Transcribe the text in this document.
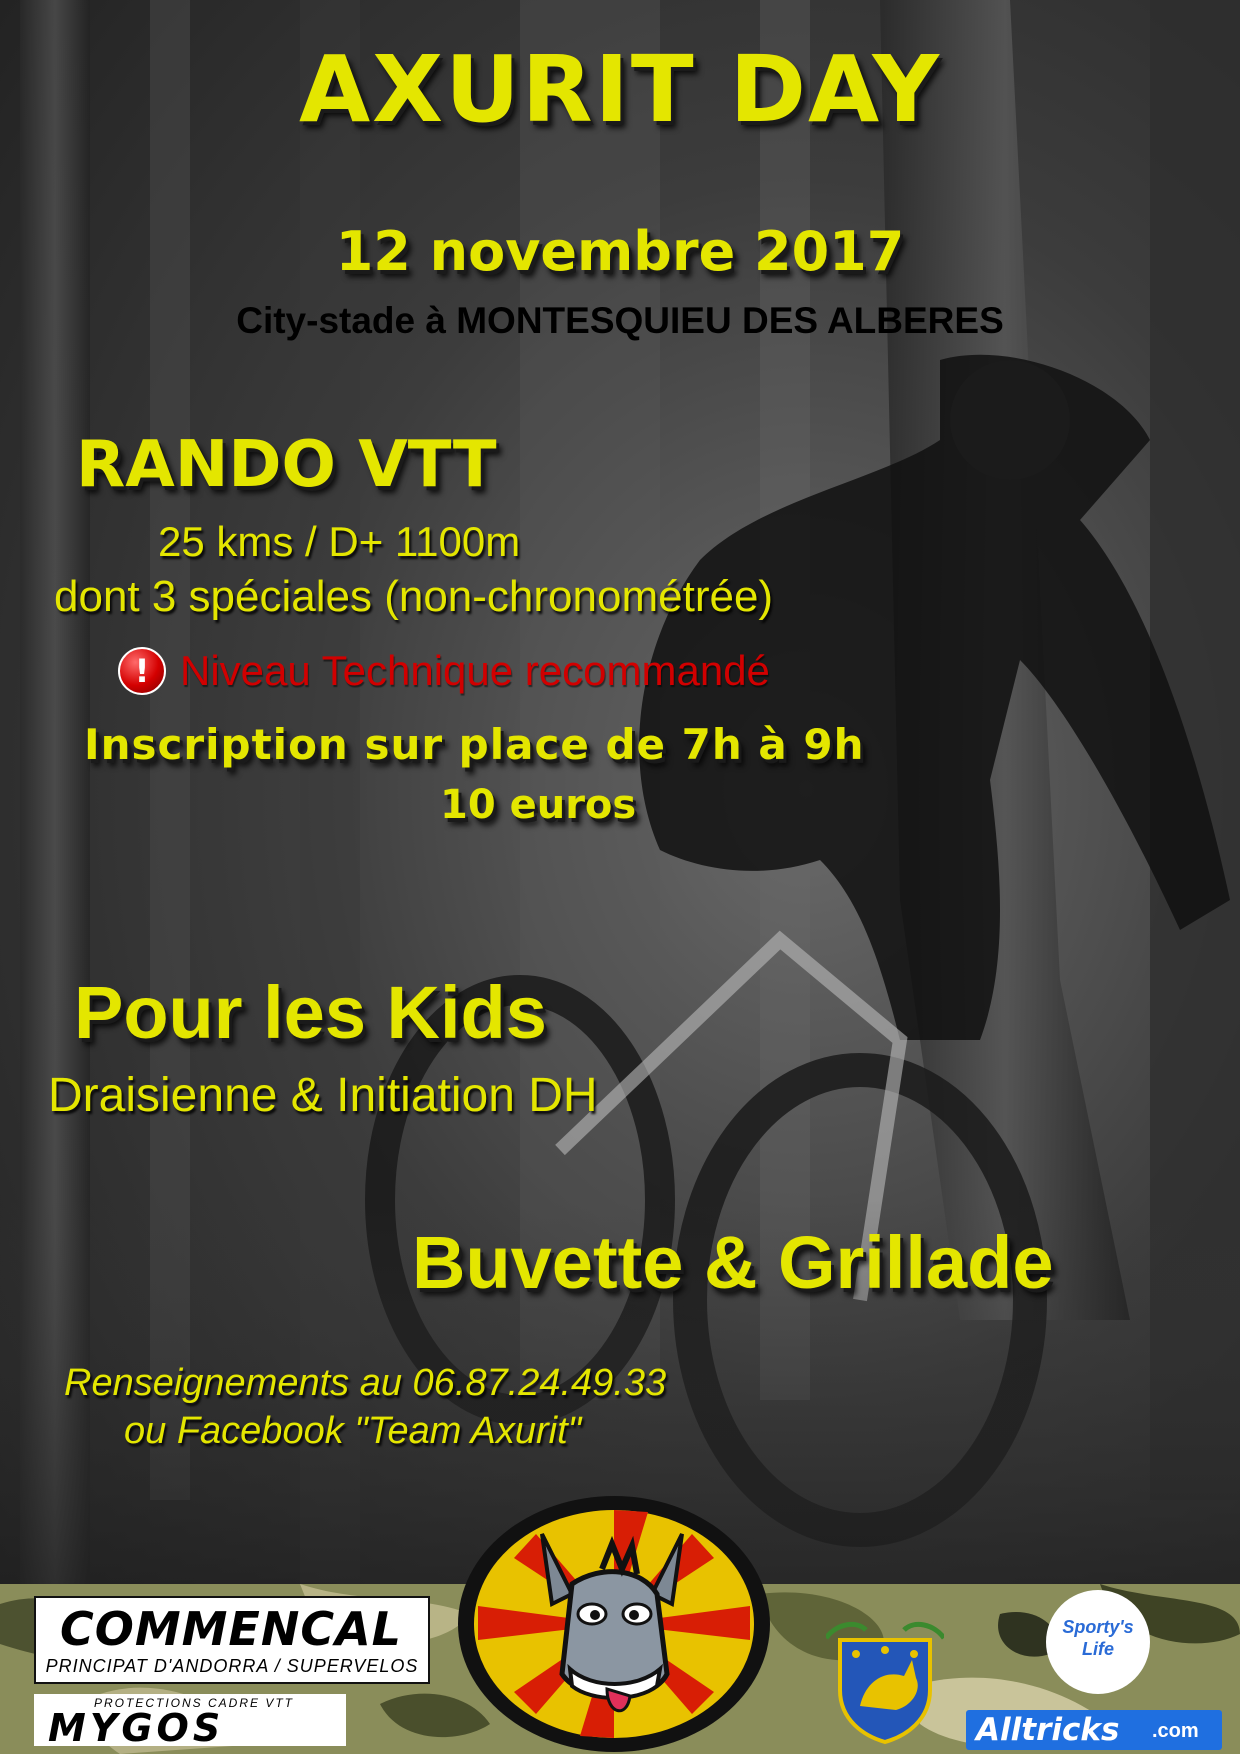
AXURIT DAY
12 novembre 2017
City-stade à MONTESQUIEU DES ALBERES
RANDO VTT
25 kms / D+ 1100m
dont 3 spéciales (non-chronométrée)
! Niveau Technique recommandé
Inscription sur place de 7h à 9h
10 euros
Pour les Kids
Draisienne & Initiation DH
Buvette & Grillade
Renseignements au 06.87.24.49.33
ou Facebook "Team Axurit"
COMMENCAL
PRINCIPAT D'ANDORRA / SUPERVELOS
PROTECTIONS CADRE VTT
MYGOS
Sporty's
Life
Alltricks .com
